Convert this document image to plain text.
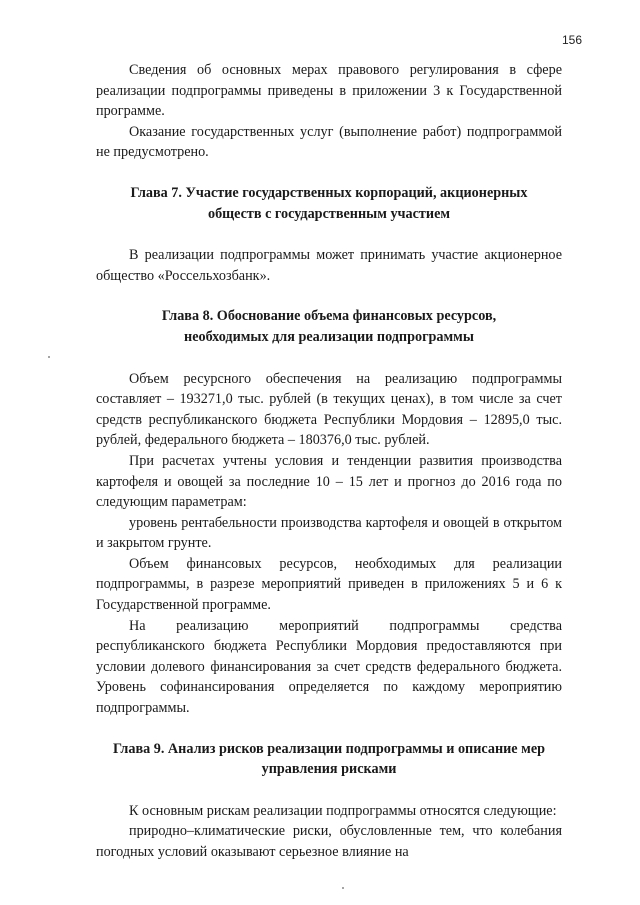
156

Сведения об основных мерах правового регулирования в сфере реализации подпрограммы приведены в приложении 3 к Государственной программе.

Оказание государственных услуг (выполнение работ) подпрограммой не предусмотрено.

Глава 7. Участие государственных корпораций, акционерных обществ с государственным участием

В реализации подпрограммы может принимать участие акционерное общество «Россельхозбанк».

Глава 8. Обоснование объема финансовых ресурсов, необходимых для реализации подпрограммы

Объем ресурсного обеспечения на реализацию подпрограммы составляет – 193271,0 тыс. рублей (в текущих ценах), в том числе за счет средств республиканского бюджета Республики Мордовия – 12895,0 тыс. рублей, федерального бюджета – 180376,0 тыс. рублей.

При расчетах учтены условия и тенденции развития производства картофеля и овощей за последние 10 – 15 лет и прогноз до 2016 года по следующим параметрам:

уровень рентабельности производства картофеля и овощей в открытом и закрытом грунте.

Объем финансовых ресурсов, необходимых для реализации подпрограммы, в разрезе мероприятий приведен в приложениях 5 и 6 к Государственной программе.

На реализацию мероприятий подпрограммы средства республиканского бюджета Республики Мордовия предоставляются при условии долевого финансирования за счет средств федерального бюджета. Уровень софинансирования определяется по каждому мероприятию подпрограммы.

Глава 9. Анализ рисков реализации подпрограммы и описание мер управления рисками

К основным рискам реализации подпрограммы относятся следующие:

природно–климатические риски, обусловленные тем, что колебания погодных условий оказывают серьезное влияние на
